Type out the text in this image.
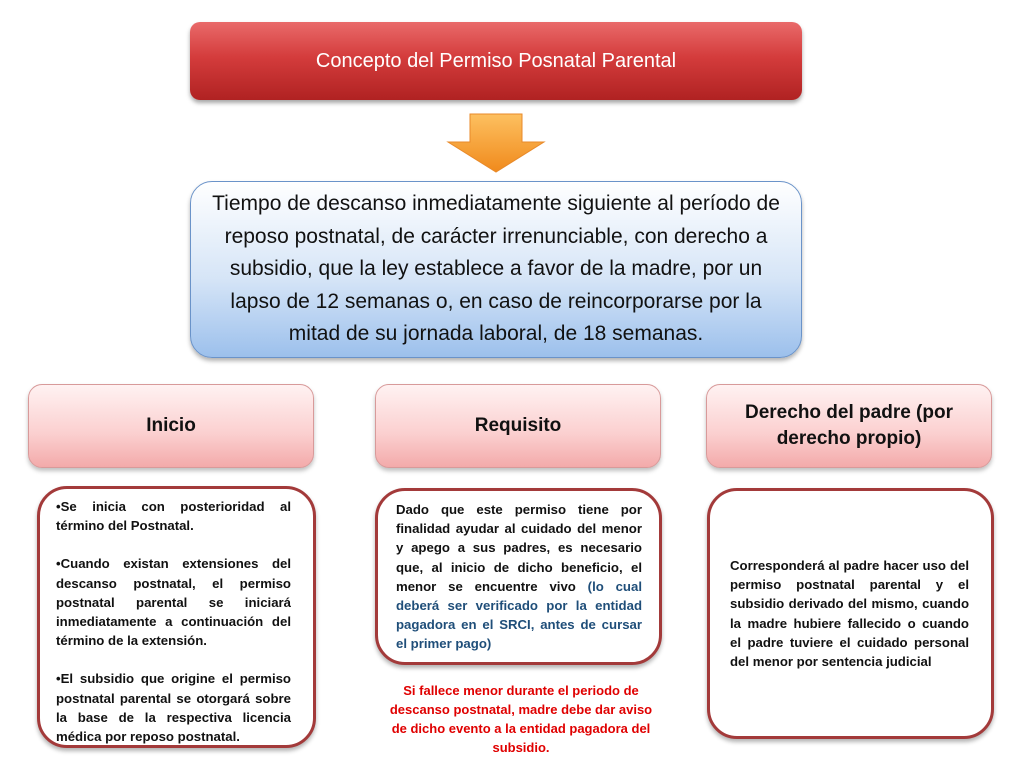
Concepto del Permiso Posnatal Parental
Tiempo de descanso inmediatamente siguiente al período de reposo postnatal, de carácter irrenunciable, con derecho a subsidio, que la ley establece a favor de la madre, por un lapso de 12 semanas o, en caso de reincorporarse por la mitad de su jornada laboral, de 18 semanas.
Inicio	Requisito
Derecho del padre (por derecho propio)

•Se inicia con posterioridad al término del Postnatal.

•Cuando existan extensiones del descanso postnatal, el permiso postnatal parental se iniciará inmediatamente a continuación del término de la extensión.

•El subsidio que origine el permiso postnatal parental se otorgará sobre la base de la respectiva licencia médica por reposo postnatal.

Dado que este permiso tiene por finalidad ayudar al cuidado del menor y apego a sus padres, es necesario que, al inicio de dicho beneficio, el menor se encuentre vivo (lo cual deberá ser verificado por la entidad pagadora en el SRCI, antes de cursar el primer pago)
Si fallece menor durante el periodo de descanso postnatal, madre debe dar aviso de dicho evento a la entidad pagadora del subsidio.
Corresponderá al padre hacer uso del permiso postnatal parental y el subsidio derivado del mismo, cuando la madre hubiere fallecido o cuando el padre tuviere el cuidado personal del menor por sentencia judicial
